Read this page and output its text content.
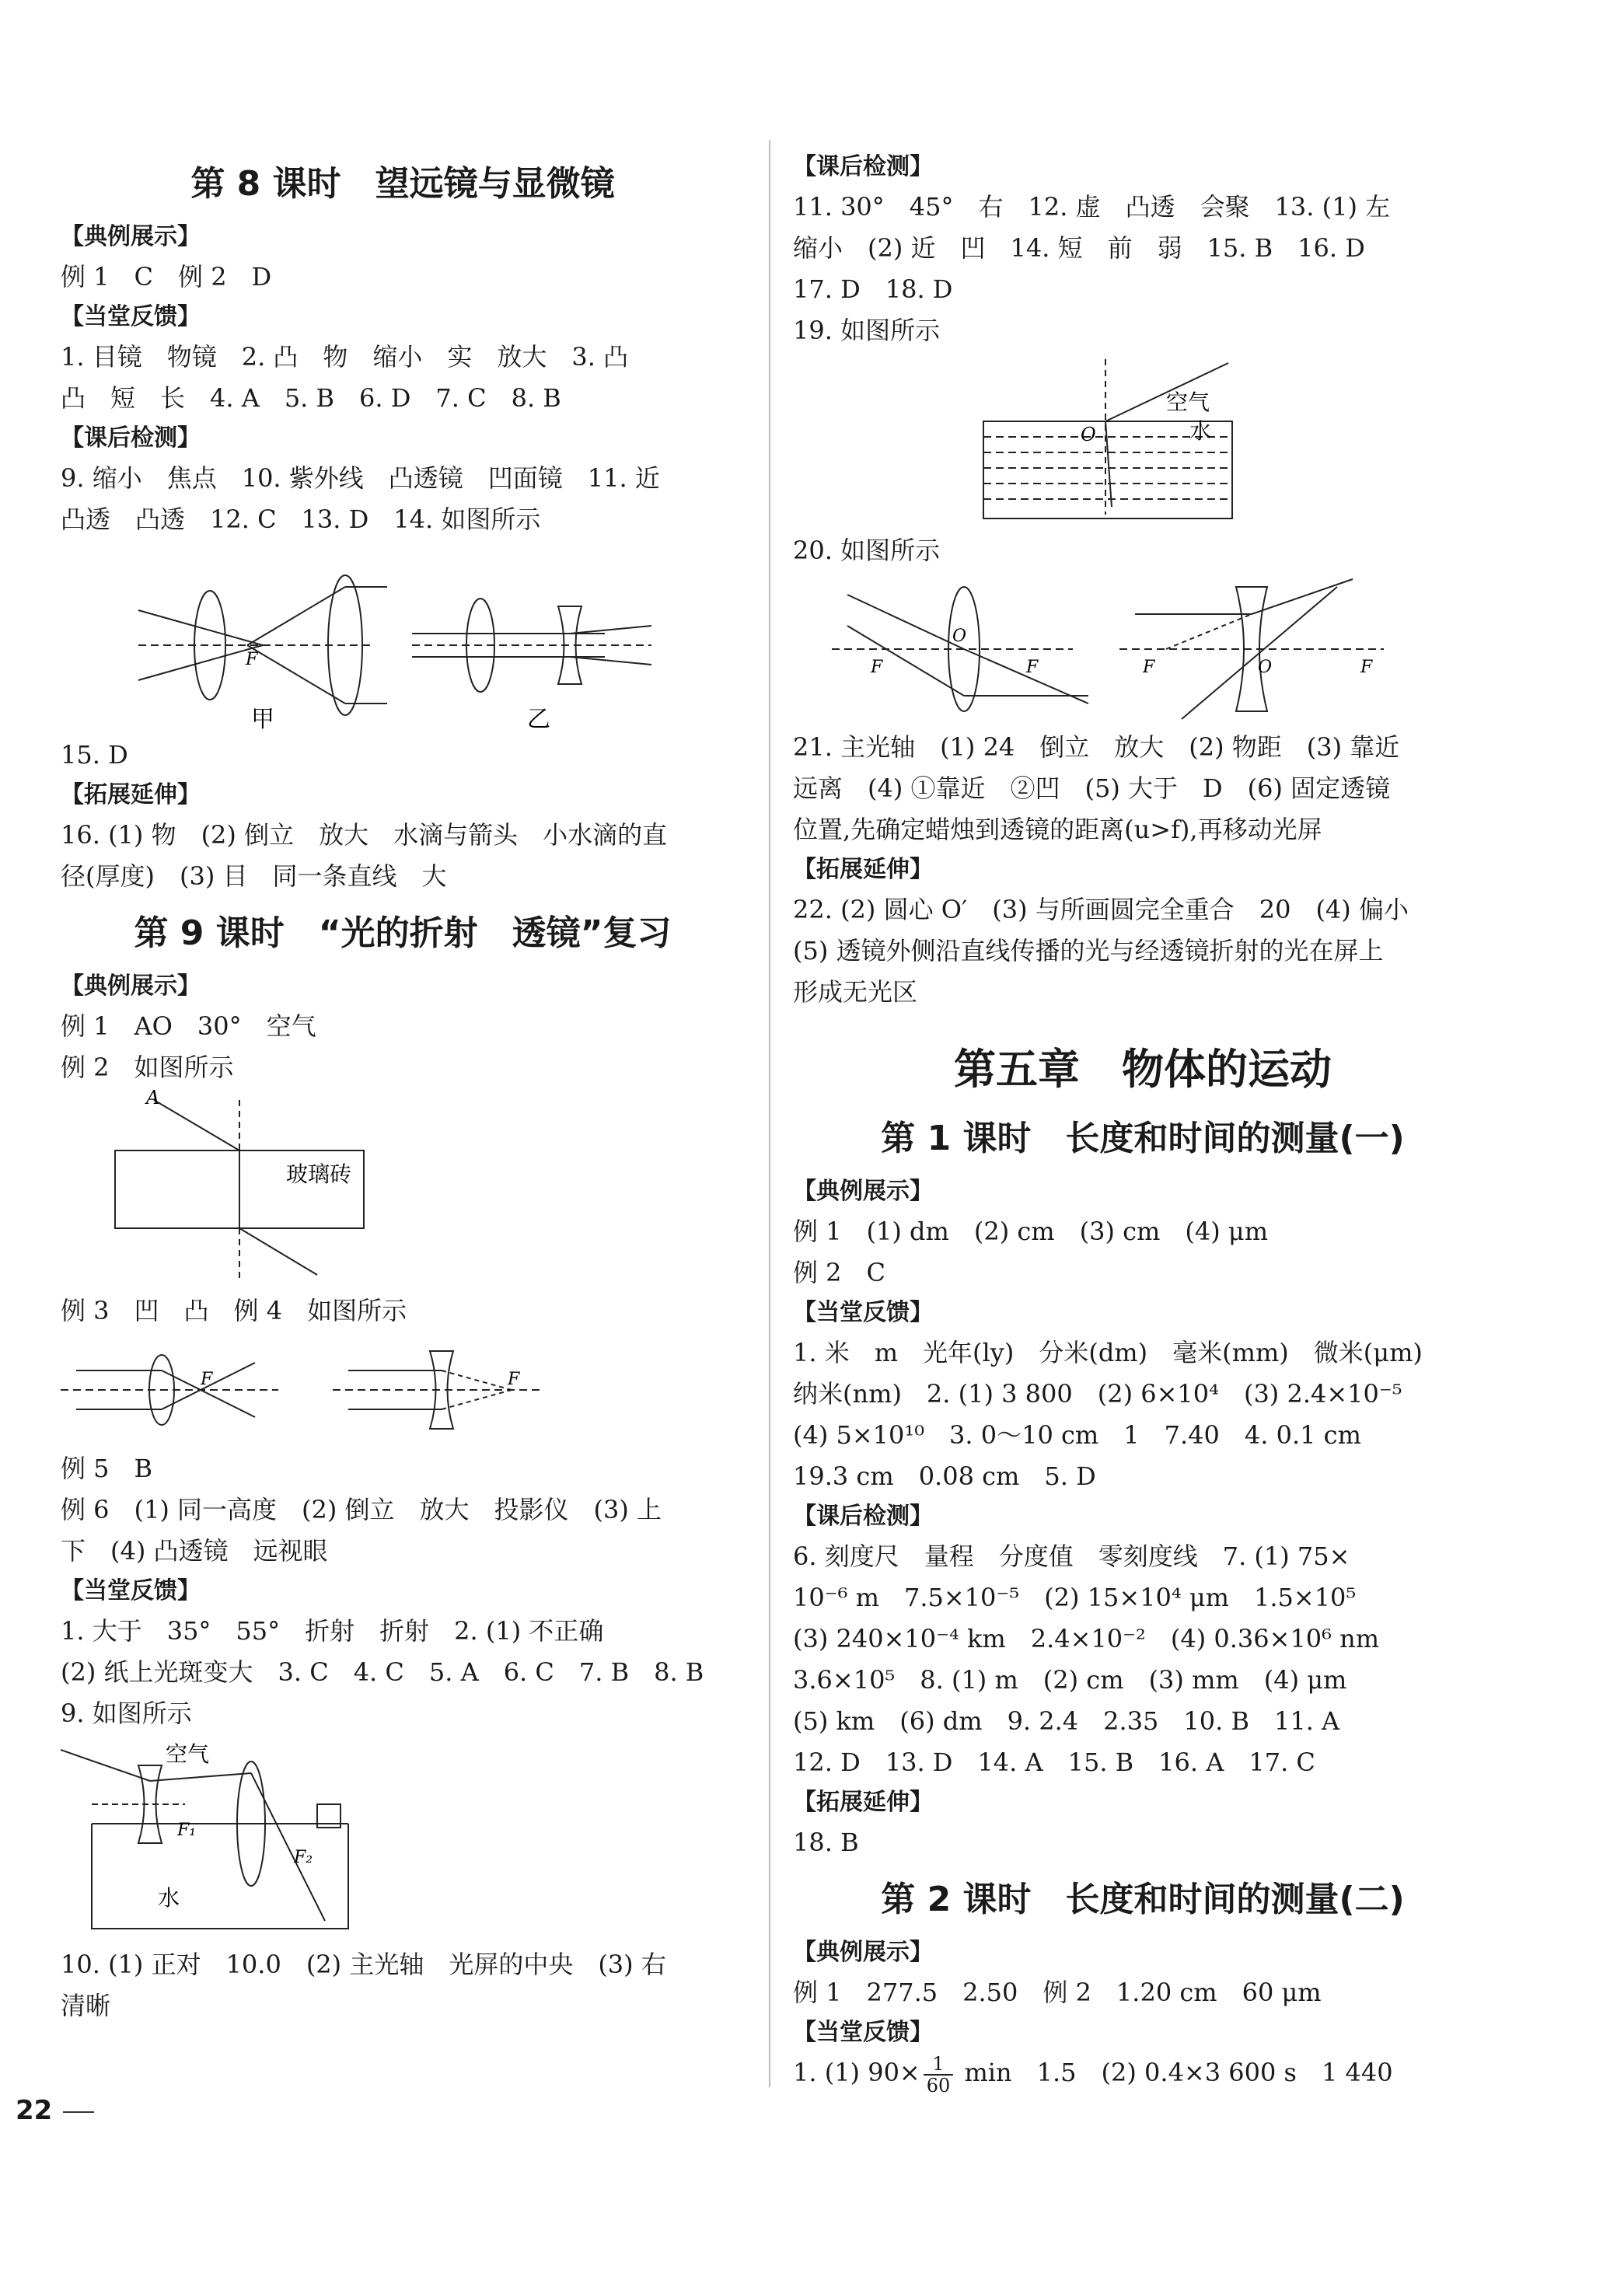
第 8 课时　望远镜与显微镜
【典例展示】

例 1　C　例 2　D

【当堂反馈】

1. 目镜　物镜　2. 凸　物　缩小　实　放大　3. 凸

凸　短　长　4. A　5. B　6. D　7. C　8. B

【课后检测】

9. 缩小　焦点　10. 紫外线　凸透镜　凹面镜　11. 近

凸透　凸透　12. C　13. D　14. 如图所示

F
甲	乙

15. D

【拓展延伸】

16. (1) 物　(2) 倒立　放大　水滴与箭头　小水滴的直

径(厚度)　(3) 目　同一条直线　大

第 9 课时　“光的折射　透镜”复习
【典例展示】

例 1　AO　30°　空气

例 2　如图所示

A
玻璃砖

例 3　凹　凸　例 4　如图所示

F	F

例 5　B

例 6　(1) 同一高度　(2) 倒立　放大　投影仪　(3) 上

下　(4) 凸透镜　远视眼

【当堂反馈】

1. 大于　35°　55°　折射　折射　2. (1) 不正确

(2) 纸上光斑变大　3. C　4. C　5. A　6. C　7. B　8. B

9. 如图所示

空气
水
F₁
F₂

10. (1) 正对　10.0　(2) 主光轴　光屏的中央　(3) 右

清晰

【课后检测】

11. 30°　45°　右　12. 虚　凸透　会聚　13. (1) 左

缩小　(2) 近　凹　14. 短　前　弱　15. B　16. D

17. D　18. D

19. 如图所示

空气
水
O

20. 如图所示

F
O
F	F	O	F

21. 主光轴　(1) 24　倒立　放大　(2) 物距　(3) 靠近

远离　(4) ①靠近　②凹　(5) 大于　D　(6) 固定透镜

位置,先确定蜡烛到透镜的距离(u>f),再移动光屏

【拓展延伸】

22. (2) 圆心 O′　(3) 与所画圆完全重合　20　(4) 偏小

(5) 透镜外侧沿直线传播的光与经透镜折射的光在屏上

形成无光区

第五章　物体的运动
第 1 课时　长度和时间的测量(一)
【典例展示】

例 1　(1) dm　(2) cm　(3) cm　(4) μm

例 2　C

【当堂反馈】

1. 米　m　光年(ly)　分米(dm)　毫米(mm)　微米(μm)

纳米(nm)　2. (1) 3 800　(2) 6×10⁴　(3) 2.4×10⁻⁵

(4) 5×10¹⁰　3. 0～10 cm　1　7.40　4. 0.1 cm

19.3 cm　0.08 cm　5. D

【课后检测】

6. 刻度尺　量程　分度值　零刻度线　7. (1) 75×

10⁻⁶ m　7.5×10⁻⁵　(2) 15×10⁴ μm　1.5×10⁵

(3) 240×10⁻⁴ km　2.4×10⁻²　(4) 0.36×10⁶ nm

3.6×10⁵　8. (1) m　(2) cm　(3) mm　(4) μm

(5) km　(6) dm　9. 2.4　2.35　10. B　11. A

12. D　13. D　14. A　15. B　16. A　17. C

【拓展延伸】

18. B

第 2 课时　长度和时间的测量(二)
【典例展示】

例 1　277.5　2.50　例 2　1.20 cm　60 μm

【当堂反馈】

1. (1) $90\times \frac{1}{60}$ min　1.5　(2) 0.4×3 600 s　1 440

22
